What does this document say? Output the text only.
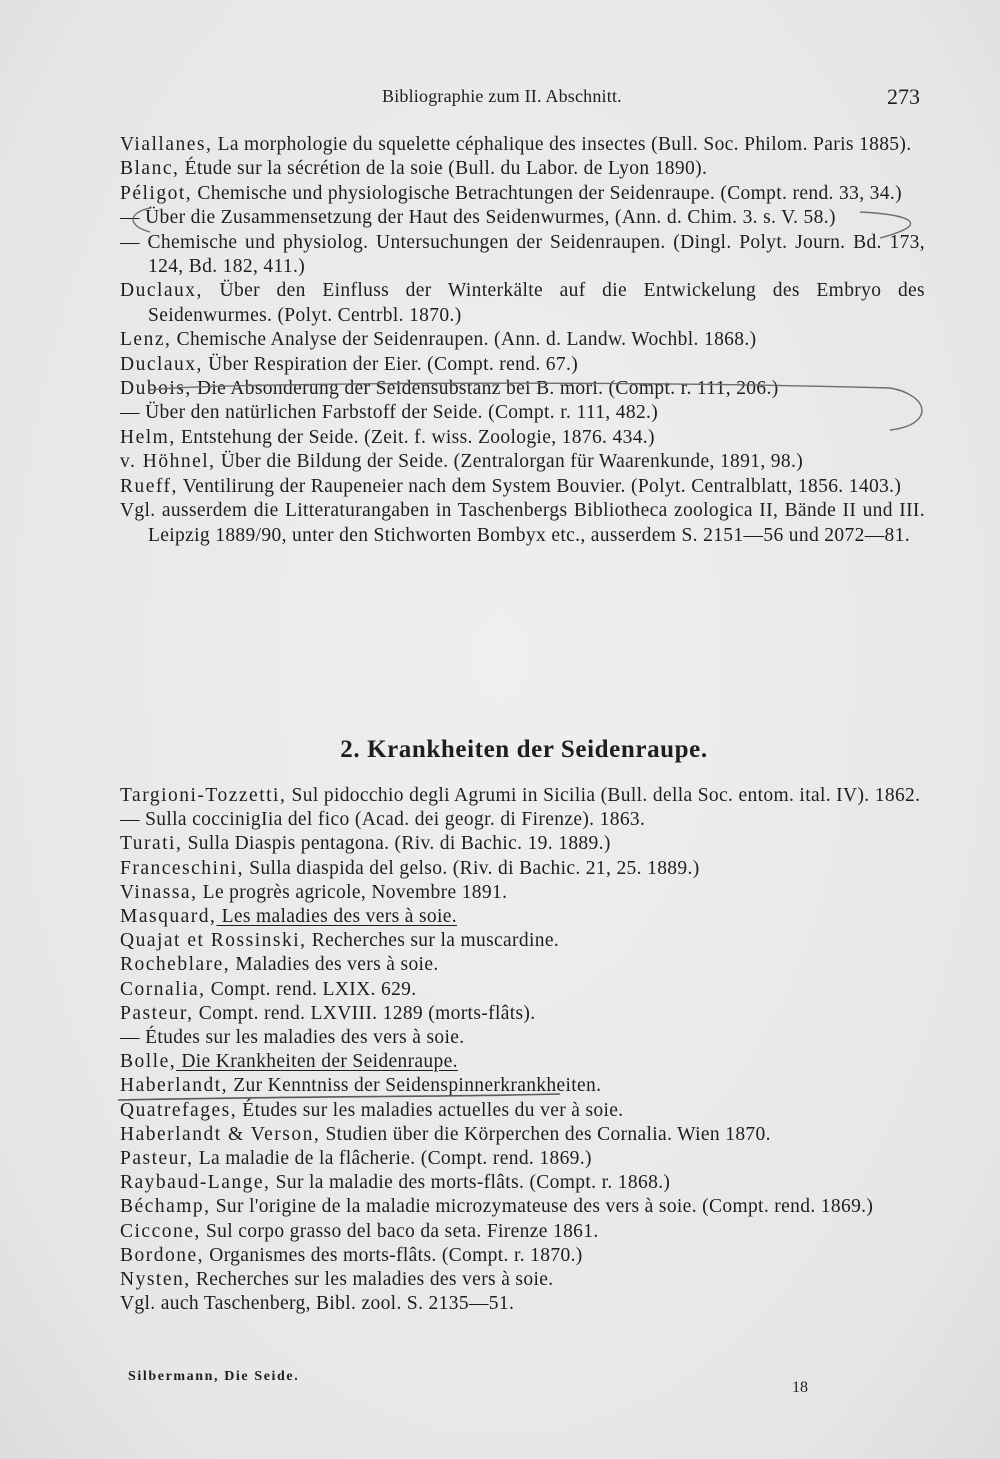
Bibliographie zum II. Abschnitt.	273

Viallanes, La morphologie du squelette céphalique des insectes (Bull. Soc. Philom. Paris 1885).

Blanc, Étude sur la sécrétion de la soie (Bull. du Labor. de Lyon 1890).

Péligot, Chemische und physiologische Betrachtungen der Seidenraupe. (Compt. rend. 33, 34.)

— Über die Zusammensetzung der Haut des Seidenwurmes, (Ann. d. Chim. 3. s. V. 58.)

— Chemische und physiolog. Untersuchungen der Seidenraupen. (Dingl. Polyt. Journ. Bd. 173, 124, Bd. 182, 411.)

Duclaux, Über den Einfluss der Winterkälte auf die Entwickelung des Embryo des Seidenwurmes. (Polyt. Centrbl. 1870.)

Lenz, Chemische Analyse der Seidenraupen. (Ann. d. Landw. Wochbl. 1868.)

Duclaux, Über Respiration der Eier. (Compt. rend. 67.)

Dubois, Die Absonderung der Seidensubstanz bei B. mori. (Compt. r. 111, 206.)

— Über den natürlichen Farbstoff der Seide. (Compt. r. 111, 482.)

Helm, Entstehung der Seide. (Zeit. f. wiss. Zoologie, 1876. 434.)

v. Höhnel, Über die Bildung der Seide. (Zentralorgan für Waarenkunde, 1891, 98.)

Rueff, Ventilirung der Raupeneier nach dem System Bouvier. (Polyt. Centralblatt, 1856. 1403.)

Vgl. ausserdem die Litteraturangaben in Taschenbergs Bibliotheca zoologica II, Bände II und III. Leipzig 1889/90, unter den Stichworten Bombyx etc., ausserdem S. 2151—56 und 2072—81.

2. Krankheiten der Seidenraupe.

Targioni-Tozzetti, Sul pidocchio degli Agrumi in Sicilia (Bull. della Soc. entom. ital. IV). 1862.

— Sulla coccinigIia del fico (Acad. dei geogr. di Firenze). 1863.

Turati, Sulla Diaspis pentagona. (Riv. di Bachic. 19. 1889.)

Franceschini, Sulla diaspida del gelso. (Riv. di Bachic. 21, 25. 1889.)

Vinassa, Le progrès agricole, Novembre 1891.

Masquard, Les maladies des vers à soie.

Quajat et Rossinski, Recherches sur la muscardine.

Rocheblare, Maladies des vers à soie.

Cornalia, Compt. rend. LXIX. 629.

Pasteur, Compt. rend. LXVIII. 1289 (morts-flâts).

— Études sur les maladies des vers à soie.

Bolle, Die Krankheiten der Seidenraupe.

Haberlandt, Zur Kenntniss der Seidenspinnerkrankheiten.

Quatrefages, Études sur les maladies actuelles du ver à soie.

Haberlandt & Verson, Studien über die Körperchen des Cornalia. Wien 1870.

Pasteur, La maladie de la flâcherie. (Compt. rend. 1869.)

Raybaud-Lange, Sur la maladie des morts-flâts. (Compt. r. 1868.)

Béchamp, Sur l'origine de la maladie microzymateuse des vers à soie. (Compt. rend. 1869.)

Ciccone, Sul corpo grasso del baco da seta. Firenze 1861.

Bordone, Organismes des morts-flâts. (Compt. r. 1870.)

Nysten, Recherches sur les maladies des vers à soie.

Vgl. auch Taschenberg, Bibl. zool. S. 2135—51.

Silbermann, Die Seide.
18
